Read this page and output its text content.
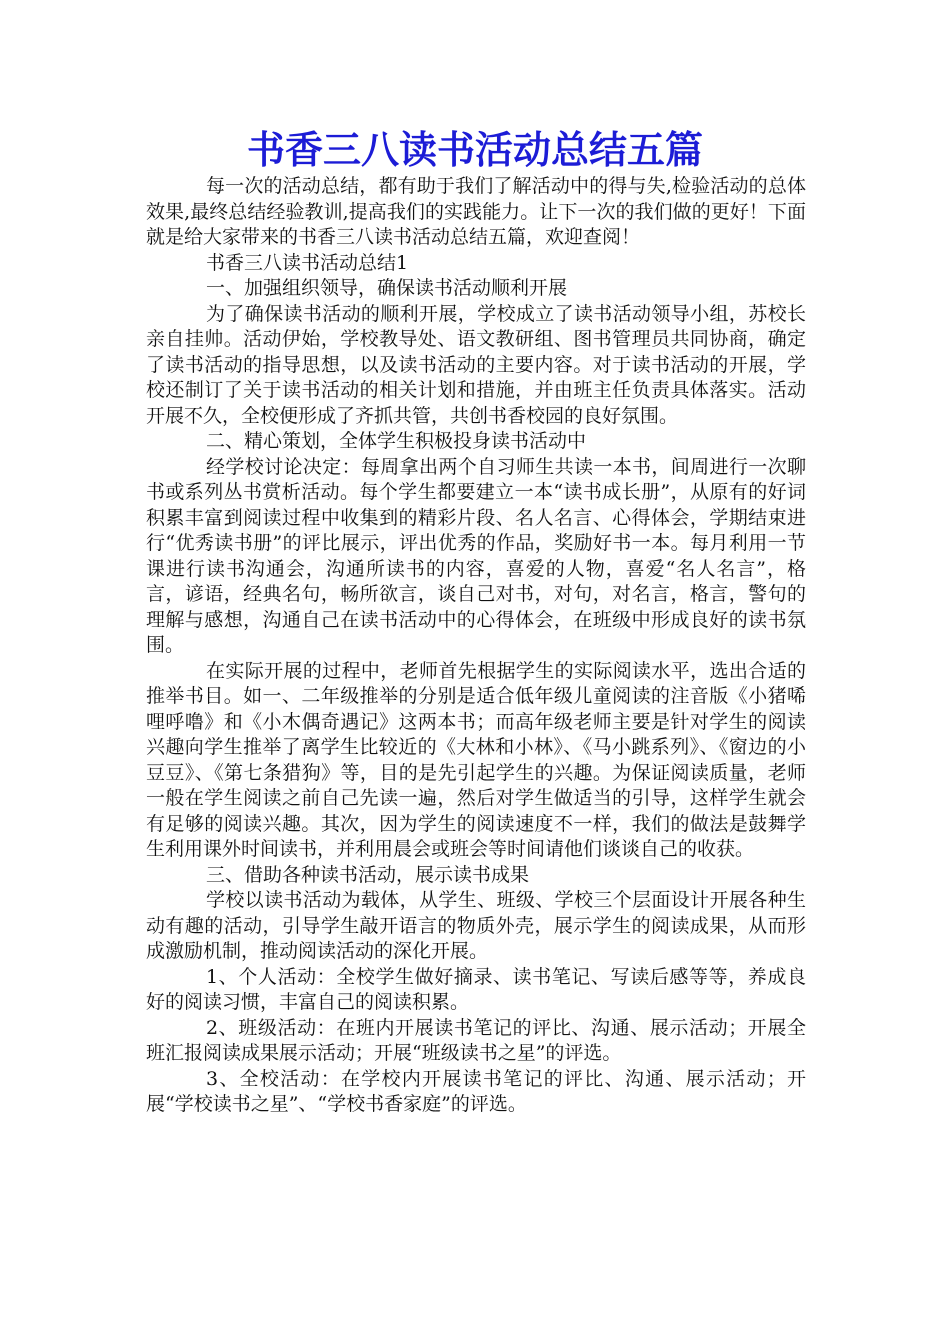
书香三八读书活动总结五篇

每一次的活动总结，都有助于我们了解活动中的得与失,检验活动的总体效果,最终总结经验教训,提高我们的实践能力。让下一次的我们做的更好！下面就是给大家带来的书香三八读书活动总结五篇，欢迎查阅！

书香三八读书活动总结1

一、加强组织领导，确保读书活动顺利开展

为了确保读书活动的顺利开展，学校成立了读书活动领导小组，苏校长亲自挂帅。活动伊始，学校教导处、语文教研组、图书管理员共同协商，确定了读书活动的指导思想，以及读书活动的主要内容。对于读书活动的开展，学校还制订了关于读书活动的相关计划和措施，并由班主任负责具体落实。活动开展不久，全校便形成了齐抓共管，共创书香校园的良好氛围。

二、精心策划，全体学生积极投身读书活动中

经学校讨论决定：每周拿出两个自习师生共读一本书，间周进行一次聊书或系列丛书赏析活动。每个学生都要建立一本“读书成长册”，从原有的好词积累丰富到阅读过程中收集到的精彩片段、名人名言、心得体会，学期结束进行“优秀读书册”的评比展示，评出优秀的作品，奖励好书一本。每月利用一节课进行读书沟通会，沟通所读书的内容，喜爱的人物，喜爱“名人名言”，格言，谚语，经典名句，畅所欲言，谈自己对书，对句，对名言，格言，警句的理解与感想，沟通自己在读书活动中的心得体会，在班级中形成良好的读书氛围。

在实际开展的过程中，老师首先根据学生的实际阅读水平，选出合适的推举书目。如一、二年级推举的分别是适合低年级儿童阅读的注音版《小猪唏哩呼噜》和《小木偶奇遇记》这两本书；而高年级老师主要是针对学生的阅读兴趣向学生推举了离学生比较近的《大林和小林》、《马小跳系列》、《窗边的小豆豆》、《第七条猎狗》等，目的是先引起学生的兴趣。为保证阅读质量，老师一般在学生阅读之前自己先读一遍，然后对学生做适当的引导，这样学生就会有足够的阅读兴趣。其次，因为学生的阅读速度不一样，我们的做法是鼓舞学生利用课外时间读书，并利用晨会或班会等时间请他们谈谈自己的收获。

三、借助各种读书活动，展示读书成果

学校以读书活动为载体，从学生、班级、学校三个层面设计开展各种生动有趣的活动，引导学生敲开语言的物质外壳，展示学生的阅读成果，从而形成激励机制，推动阅读活动的深化开展。

1、个人活动：全校学生做好摘录、读书笔记、写读后感等等，养成良好的阅读习惯，丰富自己的阅读积累。

2、班级活动：在班内开展读书笔记的评比、沟通、展示活动；开展全班汇报阅读成果展示活动；开展“班级读书之星”的评选。

3、全校活动：在学校内开展读书笔记的评比、沟通、展示活动；开展“学校读书之星”、“学校书香家庭”的评选。
